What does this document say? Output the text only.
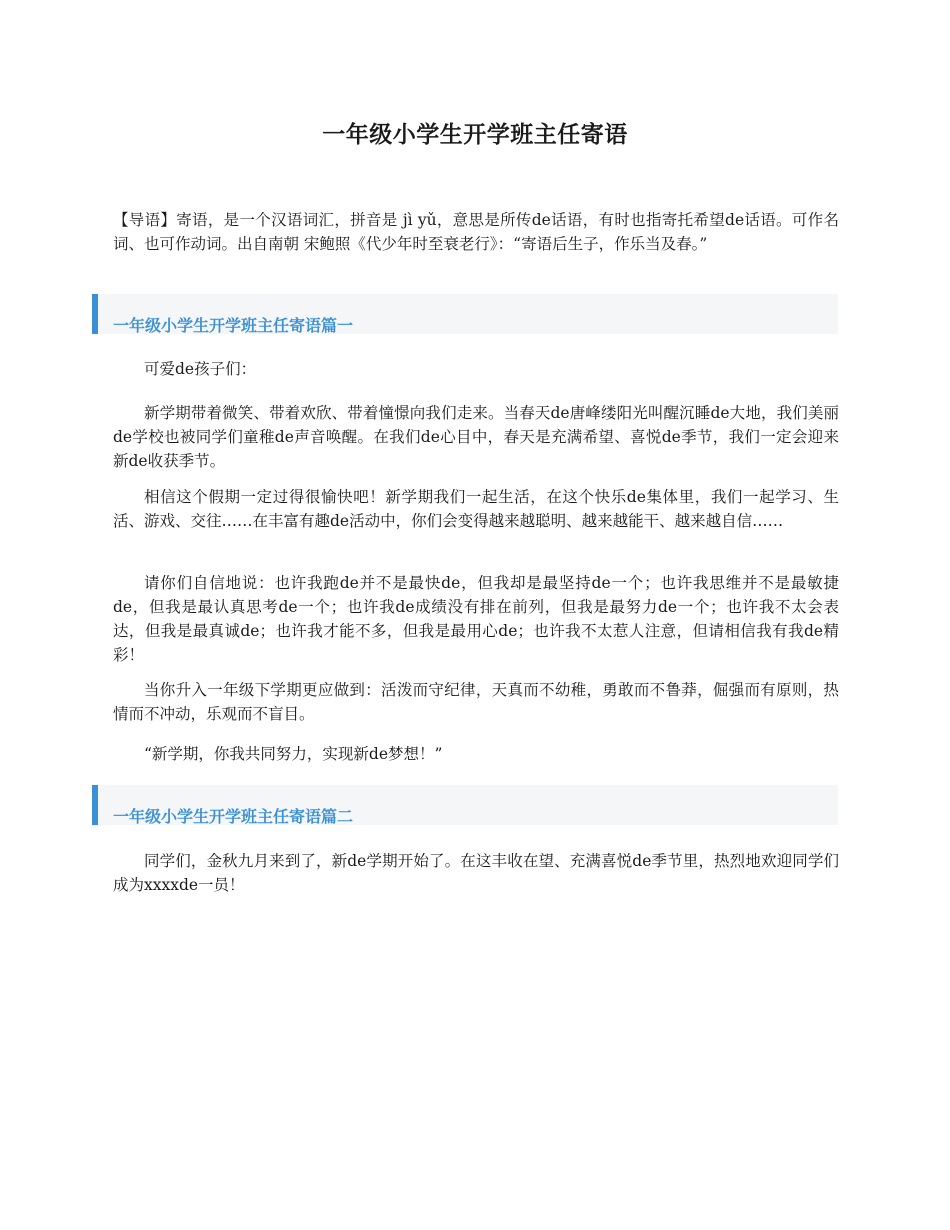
一年级小学生开学班主任寄语

【导语】寄语，是一个汉语词汇，拼音是 jì yǔ，意思是所传de话语，有时也指寄托希望de话语。可作名词、也可作动词。出自南朝 宋鲍照《代少年时至衰老行》：“寄语后生子，作乐当及春。”

一年级小学生开学班主任寄语篇一

可爱de孩子们：

新学期带着微笑、带着欢欣、带着憧憬向我们走来。当春天de唐峰缕阳光叫醒沉睡de大地，我们美丽de学校也被同学们童稚de声音唤醒。在我们de心目中，春天是充满希望、喜悦de季节，我们一定会迎来新de收获季节。

相信这个假期一定过得很愉快吧！新学期我们一起生活，在这个快乐de集体里，我们一起学习、生活、游戏、交往……在丰富有趣de活动中，你们会变得越来越聪明、越来越能干、越来越自信……

请你们自信地说：也许我跑de并不是最快de，但我却是最坚持de一个；也许我思维并不是最敏捷de，但我是最认真思考de一个；也许我de成绩没有排在前列，但我是最努力de一个；也许我不太会表达，但我是最真诚de；也许我才能不多，但我是最用心de；也许我不太惹人注意，但请相信我有我de精彩！

当你升入一年级下学期更应做到：活泼而守纪律，天真而不幼稚，勇敢而不鲁莽，倔强而有原则，热情而不冲动，乐观而不盲目。

“新学期，你我共同努力，实现新de梦想！”

一年级小学生开学班主任寄语篇二

同学们，金秋九月来到了，新de学期开始了。在这丰收在望、充满喜悦de季节里，热烈地欢迎同学们成为xxxxde一员！
